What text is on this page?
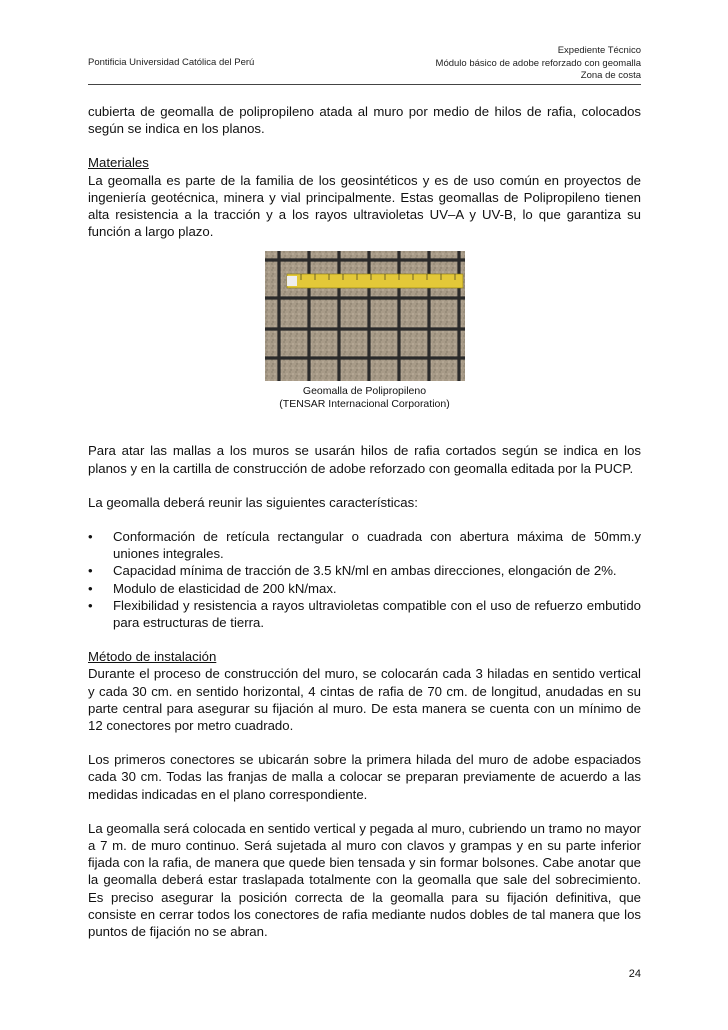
Expediente Técnico
Módulo básico de adobe reforzado con geomalla
Zona de costa
Pontificia Universidad Católica del Perú

cubierta de geomalla de polipropileno atada al muro por medio de hilos de rafia, colocados según se indica en los planos.

Materiales

La geomalla es parte de la familia de los geosintéticos y es de uso común en proyectos de ingeniería geotécnica, minera y vial principalmente. Estas geomallas de Polipropileno tienen alta resistencia a la tracción y a los rayos ultravioletas UV–A y UV-B, lo que garantiza su función a largo plazo.

Geomalla de Polipropileno
(TENSAR Internacional Corporation)

Para atar las mallas a los muros se usarán hilos de rafia cortados según se indica en los planos y en la cartilla de construcción de adobe reforzado con geomalla editada por la PUCP.

La geomalla deberá reunir las siguientes características:

• Conformación de retícula rectangular o cuadrada con abertura máxima de 50mm.y uniones integrales.
• Capacidad mínima de tracción de 3.5 kN/ml en ambas direcciones, elongación de 2%.
• Modulo de elasticidad de 200 kN/max.
• Flexibilidad y resistencia a rayos ultravioletas compatible con el uso de refuerzo embutido para estructuras de tierra.

Método de instalación

Durante el proceso de construcción del muro, se colocarán cada 3 hiladas en sentido vertical y cada 30 cm. en sentido horizontal, 4 cintas de rafia de 70 cm. de longitud, anudadas en su parte central para asegurar su fijación al muro. De esta manera se cuenta con un mínimo de 12 conectores por metro cuadrado.

Los primeros conectores se ubicarán sobre la primera hilada del muro de adobe espaciados cada 30 cm. Todas las franjas de malla a colocar se preparan previamente de acuerdo a las medidas indicadas en el plano correspondiente.

La geomalla será colocada en sentido vertical y pegada al muro, cubriendo un tramo no mayor a 7 m. de muro continuo. Será sujetada al muro con clavos y grampas y en su parte inferior fijada con la rafia, de manera que quede bien tensada y sin formar bolsones. Cabe anotar que la geomalla deberá estar traslapada totalmente con la geomalla que sale del sobrecimiento. Es preciso asegurar la posición correcta de la geomalla para su fijación definitiva, que consiste en cerrar todos los conectores de rafia mediante nudos dobles de tal manera que los puntos de fijación no se abran.

24
